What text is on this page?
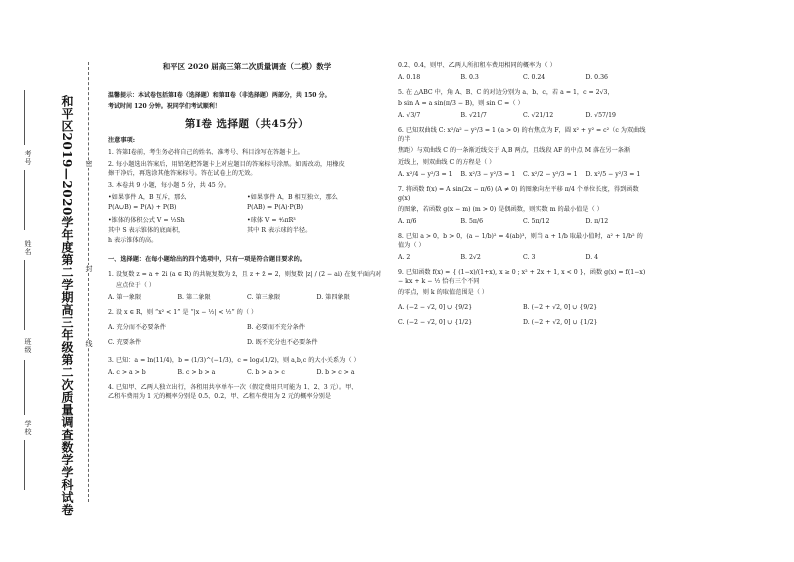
考号
姓名
班级
学校 和平区2019—2020学年度第二学期高三年级第二次质量调查数学学科试卷 密
封
线
和平区 2020 届高三第二次质量调查（二模）数学

温馨提示：本试卷包括第Ⅰ卷（选择题）和第Ⅱ卷（非选择题）两部分，共 150 分。

考试时间 120 分钟。祝同学们考试顺利！

第Ⅰ卷 选择题（共45分）

注意事项:

1. 答第Ⅰ卷前，考生务必将自己的姓名、准考号、科目涂写在答题卡上。

2. 每小题选出答案后，用铅笔把答题卡上对应题目的答案标号涂黑。如需改动，用橡皮

擦干净后，再选涂其他答案标号。答在试卷上的无效。

3. 本卷共 9 小题，每小题 5 分，共 45 分。

•如果事件 A，B 互斥，那么	•如果事件 A，B 相互独立，那么
P(A∪B) = P(A) + P(B)	P(AB) = P(A)·P(B)
•锥体的体积公式 V = ⅓Sh	•球体 V = ⁴⁄₃πR³
其中 S 表示锥体的底面积，	其中 R 表示球的半径。
h 表示锥体的高。

一、选择题：在每小题给出的四个选项中，只有一项是符合题目要求的。

1. 设复数 z = a + 2i (a ∈ R) 的共轭复数为 z̄，且 z + z̄ = 2，则复数 |z| / (2 − ai) 在复平面内对

应点位于（ ）

A. 第一象限	B. 第二象限	C. 第三象限	D. 第四象限

2. 设 x ∈ R，则 “x² < 1” 是 “|x − ½| < ½” 的（ ）

A. 充分而不必要条件	B. 必要而不充分条件
C. 充要条件	D. 既不充分也不必要条件

3. 已知：a = ln(11/4)，b = (1/3)^(−1/3)，c = log₃(1/2)，则 a,b,c 的大小关系为（ ）

A. c > a > b	B. c > b > a	C. b > a > c	D. b > c > a

4. 已知甲、乙两人独立出行，各租用共享单车一次（假定费用只可能为 1、2、3 元）。甲、

乙租车费用为 1 元的概率分别是 0.5、0.2，甲、乙租车费用为 2 元的概率分别是

0.2、0.4，则甲、乙两人所扣租车费用相同的概率为（ ）

A. 0.18	B. 0.3	C. 0.24	D. 0.36

5. 在 △ABC 中，角 A、B、C 的对边分别为 a、b、c，若 a = 1，c = 2√3，

b sin A = a sin(π/3 − B)，则 sin C =（ ）

A. √3/7	B. √21/7	C. √21/12	D. √57/19

6. 已知双曲线 C: x²/a² − y²/3 = 1 (a > 0) 的右焦点为 F，圆 x² + y² = c²（c 为双曲线的半

焦距）与双曲线 C 的一条渐近线交于 A,B 两点，且线段 AF 的中点 M 落在另一条渐

近线上，则双曲线 C 的方程是（ ）

A. x²/4 − y²/3 = 1	B. x²/3 − y²/3 = 1	C. x²/2 − y²/3 = 1	D. x²/5 − y²/3 = 1

7. 将函数 f(x) = A sin(2x − π/6) (A ≠ 0) 的图象向左平移 π/4 个单位长度，得到函数 g(x)

的图象，若函数 g(x − m) (m > 0) 是偶函数，则实数 m 的最小值是（ ）

A. π/6	B. 5π/6	C. 5π/12	D. π/12

8. 已知 a > 0，b > 0，(a − 1/b)² = 4(ab)³，则当 a + 1/b 取最小值时，a² + 1/b² 的值为（ ）

A. 2	B. 2√2	C. 3	D. 4

9. 已知函数 f(x) = { (1−x)/(1+x), x ≥ 0 ; x² + 2x + 1, x < 0 }，函数 g(x) = f(1−x) − kx + k − ½ 恰有三个不同

的零点，则 k 的取值范围是（ ）

A. (−2 − √2, 0] ∪ {9/2}	B. (−2 + √2, 0] ∪ {9/2}
C. (−2 − √2, 0] ∪ {1/2}	D. (−2 + √2, 0] ∪ {1/2}
